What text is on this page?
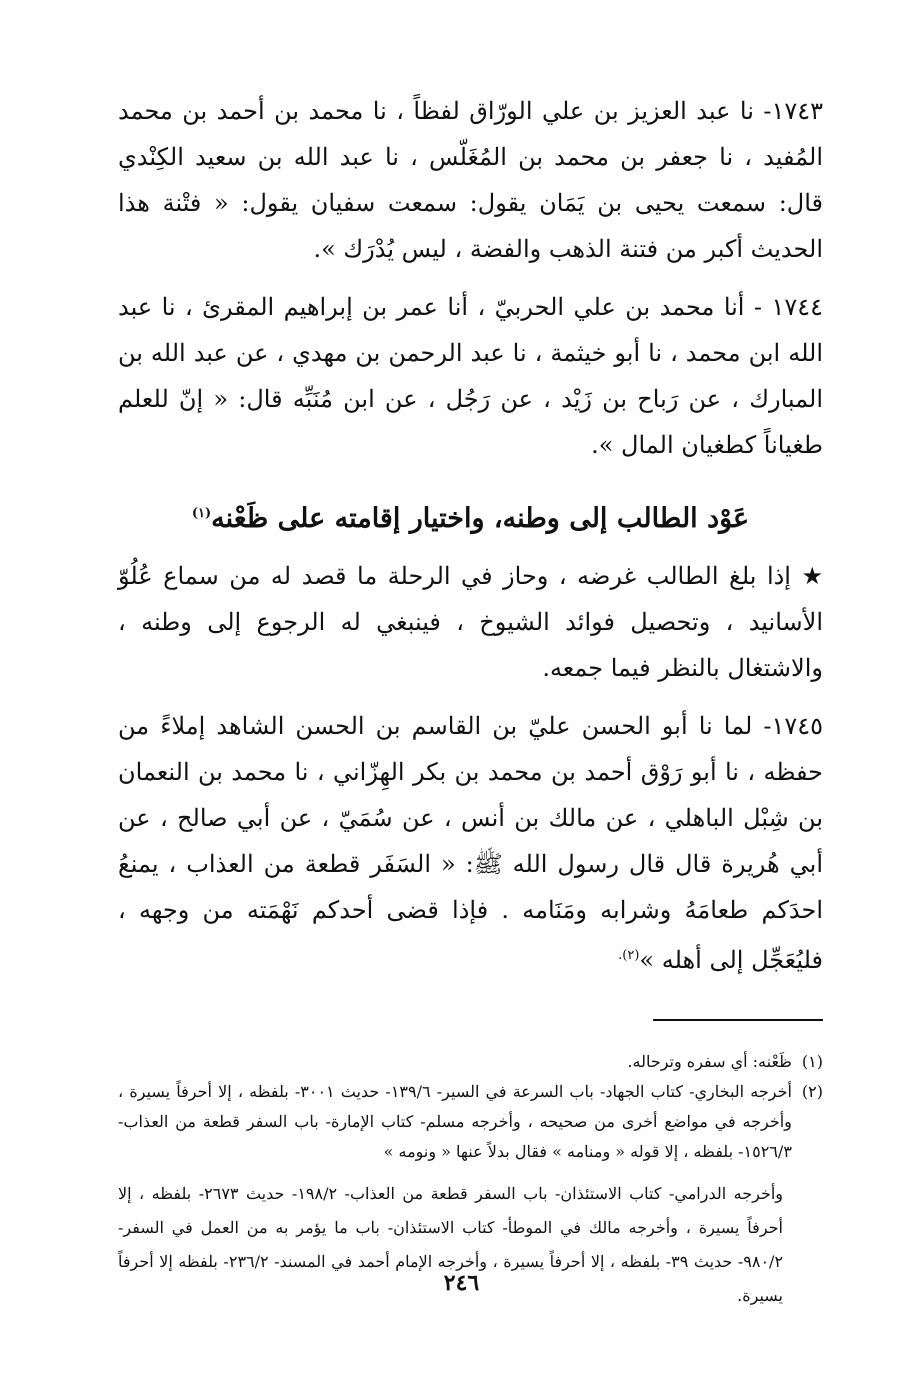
١٧٤٣- نا عبد العزيز بن علي الورّاق لفظاً ، نا محمد بن أحمد بن محمد المُفيد ، نا جعفر بن محمد بن المُغَلّس ، نا عبد الله بن سعيد الكِنْدي قال: سمعت يحيى بن يَمَان يقول: سمعت سفيان يقول: « فتْنة هذا الحديث أكبر من فتنة الذهب والفضة ، ليس يُدْرَك ».

١٧٤٤ - أنا محمد بن علي الحربيّ ، أنا عمر بن إبراهيم المقرئ ، نا عبد الله ابن محمد ، نا أبو خيثمة ، نا عبد الرحمن بن مهدي ، عن عبد الله بن المبارك ، عن رَباح بن زَيْد ، عن رَجُل ، عن ابن مُنَبِّه قال: « إنّ للعلم طغياناً كطغيان المال ».

عَوْد الطالب إلى وطنه، واختيار إقامته على ظَعْنه$^{(١)}$

★ إذا بلغ الطالب غرضه ، وحاز في الرحلة ما قصد له من سماع عُلُوّ الأسانيد ، وتحصيل فوائد الشيوخ ، فينبغي له الرجوع إلى وطنه ، والاشتغال بالنظر فيما جمعه.

١٧٤٥- لما نا أبو الحسن عليّ بن القاسم بن الحسن الشاهد إملاءً من حفظه ، نا أبو رَوْق أحمد بن محمد بن بكر الهِزّاني ، نا محمد بن النعمان بن شِبْل الباهلي ، عن مالك بن أنس ، عن سُمَيّ ، عن أبي صالح ، عن أبي هُريرة قال قال رسول الله ﷺ: « السَفَر قطعة من العذاب ، يمنعُ احدَكم طعامَهُ وشرابه ومَنَامه . فإذا قضى أحدكم نَهْمَته من وجهه ، فليُعَجِّل إلى أهله »$^{(٢).}$

(١)
ظَعْنه: أي سفره وترحاله.
(٢)
أخرجه البخاري- كتاب الجهاد- باب السرعة في السير- ١٣٩/٦- حديث ٣٠٠١- بلفظه ، إلا أحرفاً يسيرة ، وأخرجه في مواضع أخرى من صحيحه ، وأخرجه مسلم- كتاب الإمارة- باب السفر قطعة من العذاب- ١٥٢٦/٣- بلفظه ، إلا قوله « ومنامه » فقال بدلاً عنها « ونومه »

وأخرجه الدرامي- كتاب الاستئذان- باب السفر قطعة من العذاب- ١٩٨/٢- حديث ٢٦٧٣- بلفظه ، إلا أحرفاً يسيرة ، وأخرجه مالك في الموطأ- كتاب الاستئذان- باب ما يؤمر به من العمل في السفر- ٩٨٠/٢- حديث ٣٩- بلفظه ، إلا أحرفاً يسيرة ، وأخرجه الإمام أحمد في المسند- ٢٣٦/٢- بلفظه إلا أحرفاً يسيرة.

٢٤٦
